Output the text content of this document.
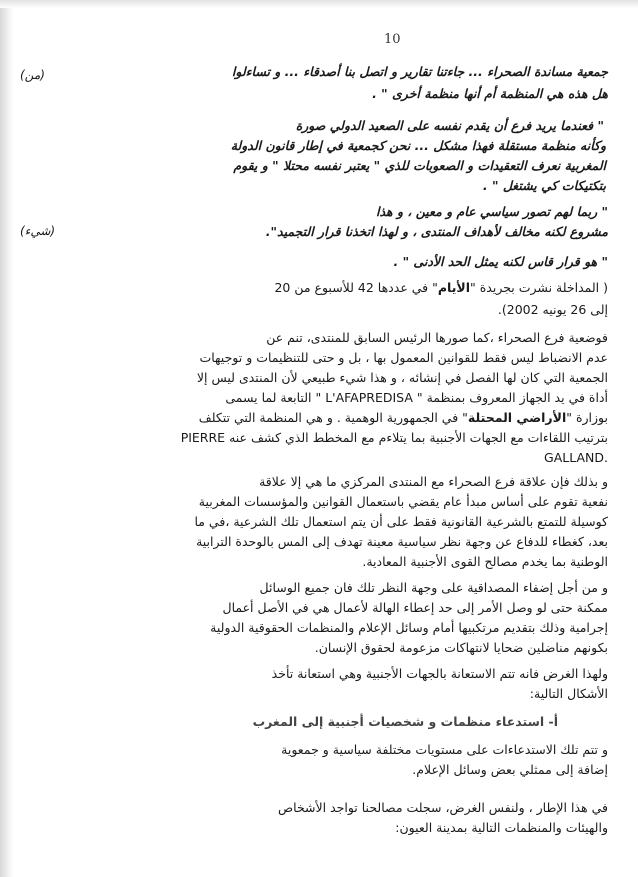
10
(من)	جمعية مساندة الصحراء ... جاءتنا تقارير و اتصل بنا أصدقاء ... و تساءلوا
هل هذه هي المنظمة أم أنها منظمة أخرى " .
" فعندما يريد فرع أن يقدم نفسه على الصعيد الدولي صورة
وكأنه منظمة مستقلة فهذا مشكل ... نحن كجمعية في إطار قانون الدولة
المغربية نعرف التعقيدات و الصعوبات للذي " يعتبر نفسه محتلا " و يقوم
بتكتيكات كي يشتغل " .
(شيء)
" ربما لهم تصور سياسي عام و معين ، و هذا
مشروع لكنه مخالف لأهداف المنتدى ، و لهذا اتخذنا قرار التجميد".
" هو قرار قاس لكنه يمثل الحد الأدنى " .
( المداخلة نشرت بجريدة "الأيام" في عددها 42 للأسبوع من 20
إلى 26 يونيه 2002).
فوضعية فرع الصحراء ،كما صورها الرئيس السابق للمنتدى، تنم عن
عدم الانضباط ليس فقط للقوانين المعمول بها ، بل و حتى للتنظيمات و توجيهات
الجمعية التي كان لها الفصل في إنشائه ، و هذا شيء طبيعي لأن المنتدى ليس إلا
أداة في يد الجهاز المعروف بمنظمة " L'AFAPREDISA " التابعة لما يسمى
بوزارة "الأراضي المحتلة" في الجمهورية الوهمية . و هي المنظمة التي تتكلف
بترتيب اللقاءات مع الجهات الأجنبية بما يتلاءم مع المخطط الذي كشف عنه PIERRE
GALLAND.
و بذلك فإن علاقة فرع الصحراء مع المنتدى المركزي ما هي إلا علاقة
نفعية تقوم على أساس مبدأ عام يقضي باستعمال القوانين والمؤسسات المغربية
كوسيلة للتمتع بالشرعية القانونية فقط على أن يتم استعمال تلك الشرعية ،في ما
بعد، كغطاء للدفاع عن وجهة نظر سياسية معينة تهدف إلى المس بالوحدة الترابية
الوطنية بما يخدم مصالح القوى الأجنبية المعادية.
و من أجل إضفاء المصداقية على وجهة النظر تلك فان جميع الوسائل
ممكنة حتى لو وصل الأمر إلى حد إعطاء الهالة لأعمال هي في الأصل أعمال
إجرامية وذلك بتقديم مرتكبيها أمام وسائل الإعلام والمنظمات الحقوقية الدولية
بكونهم مناضلين ضحايا لانتهاكات مزعومة لحقوق الإنسان.
ولهذا الغرض فانه تتم الاستعانة بالجهات الأجنبية وهي استعانة تأخذ
الأشكال التالية:
أ- استدعاء منظمات و شخصيات أجنبية إلى المغرب
و تتم تلك الاستدعاءات على مستويات مختلفة سياسية و جمعوية
إضافة إلى ممثلي بعض وسائل الإعلام.
في هذا الإطار ، ولنفس الغرض، سجلت مصالحنا تواجد الأشخاص
والهيئات والمنظمات التالية بمدينة العيون:
